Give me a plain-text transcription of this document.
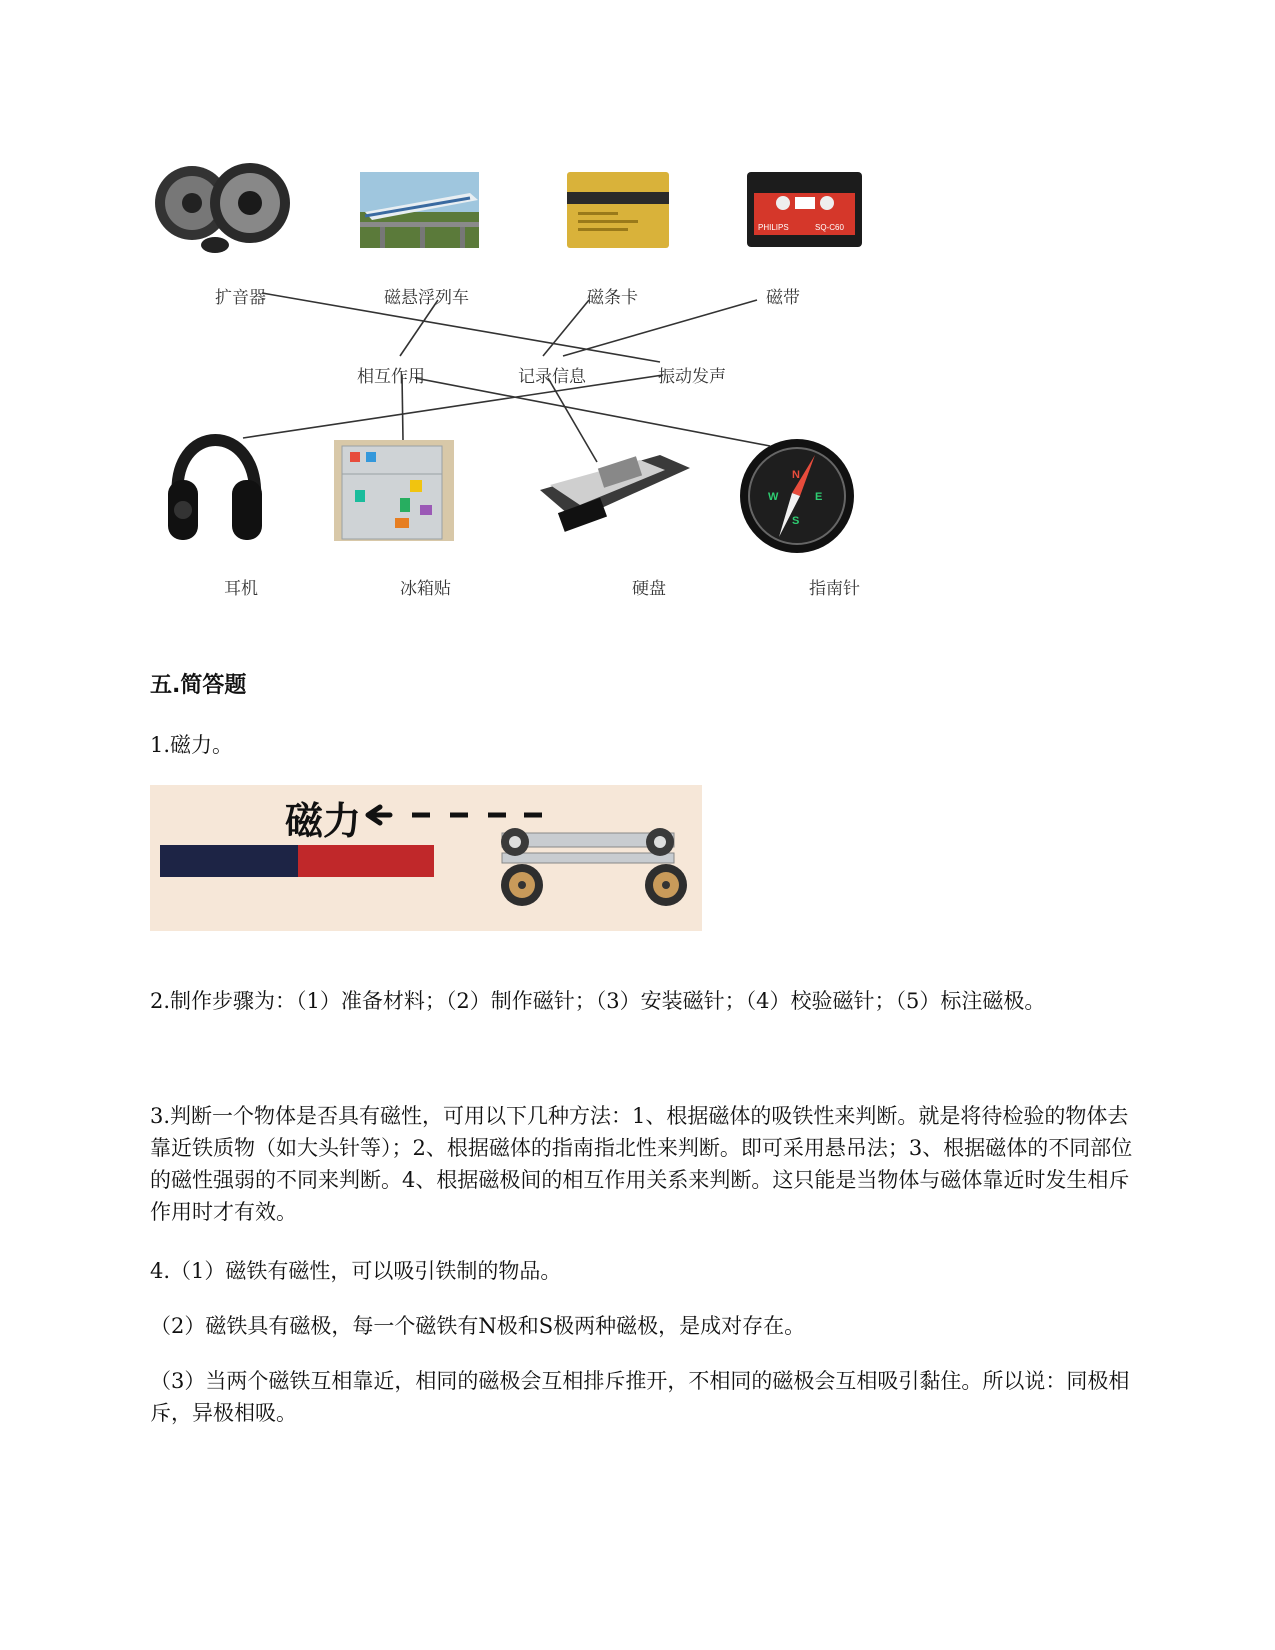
PHILIPS	SQ-C60
N
S
E
W
扩音器	磁悬浮列车	磁条卡	磁带
相互作用	记录信息	振动发声
耳机	冰箱贴	硬盘	指南针
五.简答题
1.磁力。
磁力
2.制作步骤为：（1）准备材料；（2）制作磁针；（3）安装磁针；（4）校验磁针；（5）标注磁极。
3.判断一个物体是否具有磁性，可用以下几种方法：1、根据磁体的吸铁性来判断。就是将待检验的物体去靠近铁质物（如大头针等）；2、根据磁体的指南指北性来判断。即可采用悬吊法；3、根据磁体的不同部位的磁性强弱的不同来判断。4、根据磁极间的相互作用关系来判断。这只能是当物体与磁体靠近时发生相斥作用时才有效。
4.（1）磁铁有磁性，可以吸引铁制的物品。
（2）磁铁具有磁极，每一个磁铁有N极和S极两种磁极，是成对存在。
（3）当两个磁铁互相靠近，相同的磁极会互相排斥推开，不相同的磁极会互相吸引黏住。所以说：同极相斥，异极相吸。
